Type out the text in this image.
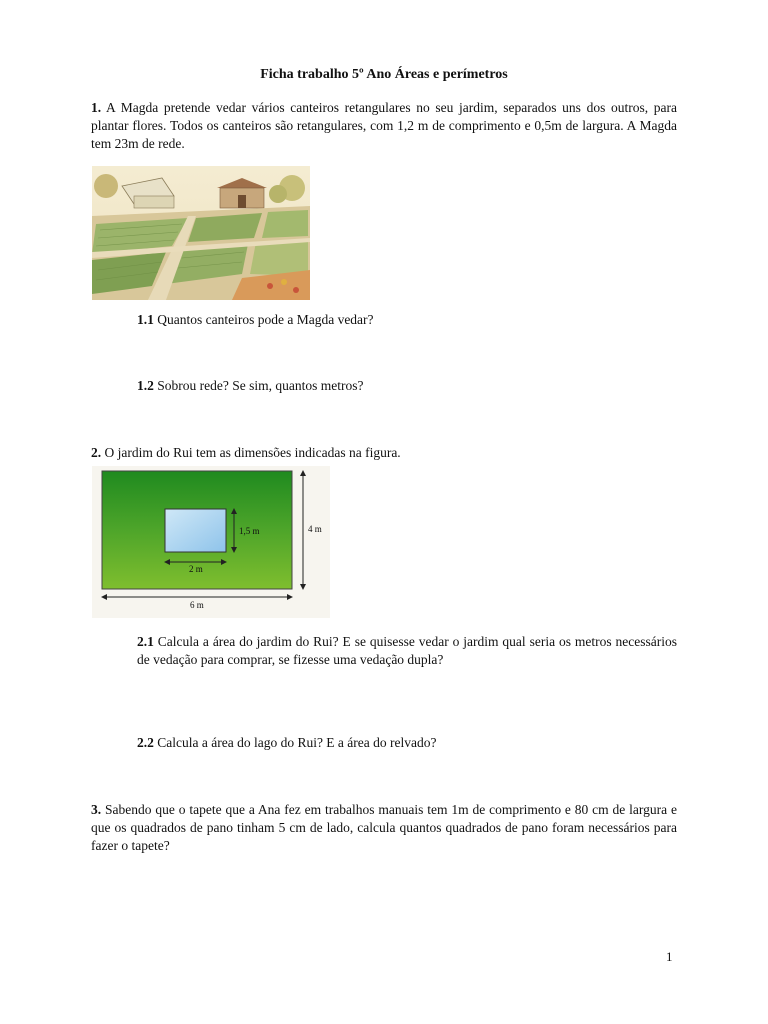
Ficha trabalho 5º Ano Áreas e perímetros
1. A Magda pretende vedar vários canteiros retangulares no seu jardim, separados uns dos outros, para plantar flores. Todos os canteiros são retangulares, com 1,2 m de comprimento e 0,5m de largura. A Magda tem 23m de rede.
1.1 Quantos canteiros pode a Magda vedar?
1.2 Sobrou rede? Se sim, quantos metros?
2. O jardim do Rui tem as dimensões indicadas na figura.
1,5 m
2 m
6 m
4 m
2.1 Calcula a área do jardim do Rui? E se quisesse vedar o jardim qual seria os metros necessários de vedação para comprar, se fizesse uma vedação dupla?
2.2 Calcula a área do lago do Rui? E a área do relvado?
3. Sabendo que o tapete que a Ana fez em trabalhos manuais tem 1m de comprimento e 80 cm de largura e que os quadrados de pano tinham 5 cm de lado, calcula quantos quadrados de pano foram necessários para fazer o tapete?
1
